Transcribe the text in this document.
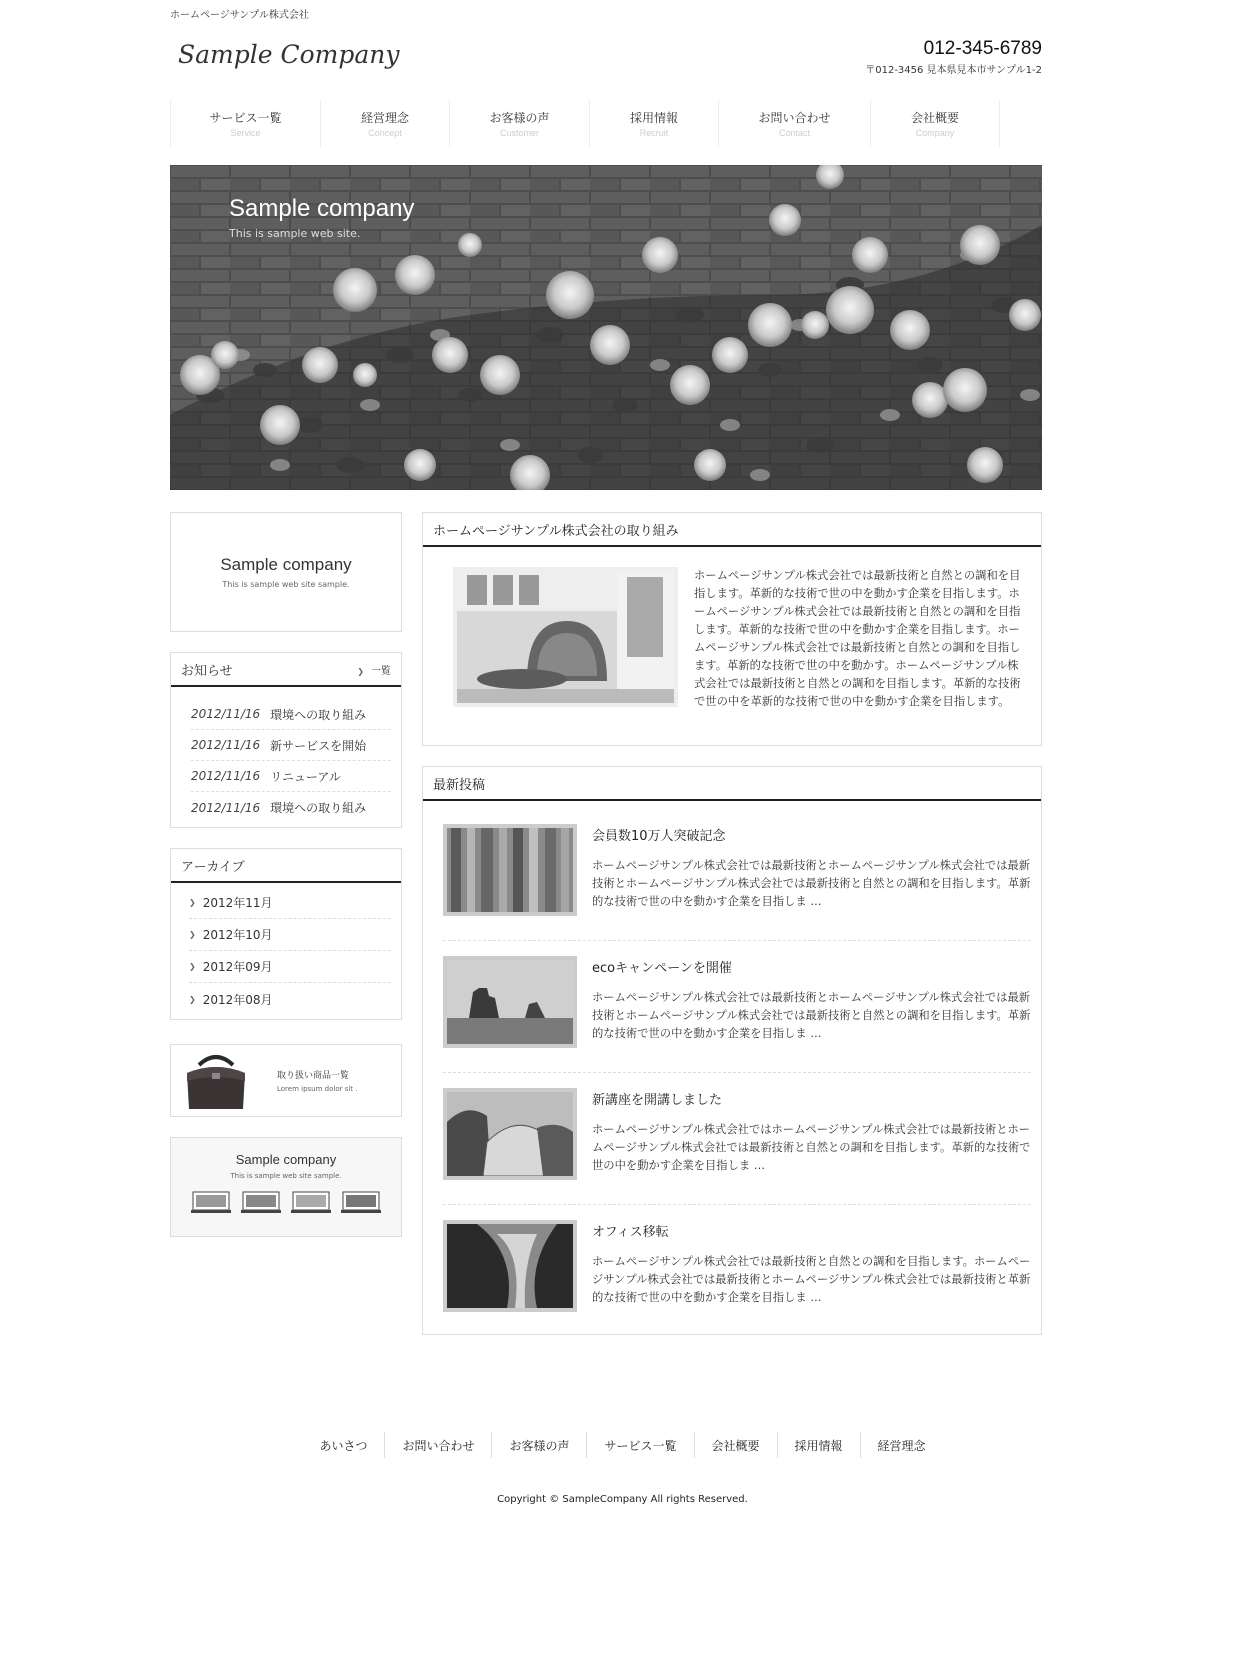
ホームページサンプル株式会社
Sample Company	012-345-6789
〒012-3456 見本県見本市サンプル1-2
サービス一覧
Service
経営理念
Concept
お客様の声
Customer
採用情報
Recruit
お問い合わせ
Contact
会社概要
Company
Sample company
This is sample web site.
Sample company
This is sample web site sample.
お知らせ	❯ 一覧
2012/11/16 環境への取り組み
2012/11/16 新サービスを開始
2012/11/16 リニューアル
2012/11/16 環境への取り組み
アーカイブ
❯ 2012年11月
❯ 2012年10月
❯ 2012年09月
❯ 2012年08月
取り扱い商品一覧
Lorem ipsum dolor sit .
Sample company
This is sample web site sample.
ホームページサンプル株式会社の取り組み
ホームページサンプル株式会社では最新技術と自然との調和を目指します。革新的な技術で世の中を動かす企業を目指します。ホームページサンプル株式会社では最新技術と自然との調和を目指します。革新的な技術で世の中を動かす企業を目指します。ホームページサンプル株式会社では最新技術と自然との調和を目指します。革新的な技術で世の中を動かす。ホームページサンプル株式会社では最新技術と自然との調和を目指します。革新的な技術で世の中を革新的な技術で世の中を動かす企業を目指します。
最新投稿
会員数10万人突破記念
ホームページサンプル株式会社では最新技術とホームページサンプル株式会社では最新技術とホームページサンプル株式会社では最新技術と自然との調和を目指します。革新的な技術で世の中を動かす企業を目指しま …
ecoキャンペーンを開催
ホームページサンプル株式会社では最新技術とホームページサンプル株式会社では最新技術とホームページサンプル株式会社では最新技術と自然との調和を目指します。革新的な技術で世の中を動かす企業を目指しま …
新講座を開講しました
ホームページサンプル株式会社ではホームページサンプル株式会社では最新技術とホームページサンプル株式会社では最新技術と自然との調和を目指します。革新的な技術で世の中を動かす企業を目指しま …
オフィス移転
ホームページサンプル株式会社では最新技術と自然との調和を目指します。ホームページサンプル株式会社では最新技術とホームページサンプル株式会社では最新技術と革新的な技術で世の中を動かす企業を目指しま …
あいさつ	お問い合わせ	お客様の声	サービス一覧	会社概要	採用情報	経営理念
Copyright © SampleCompany All rights Reserved.
